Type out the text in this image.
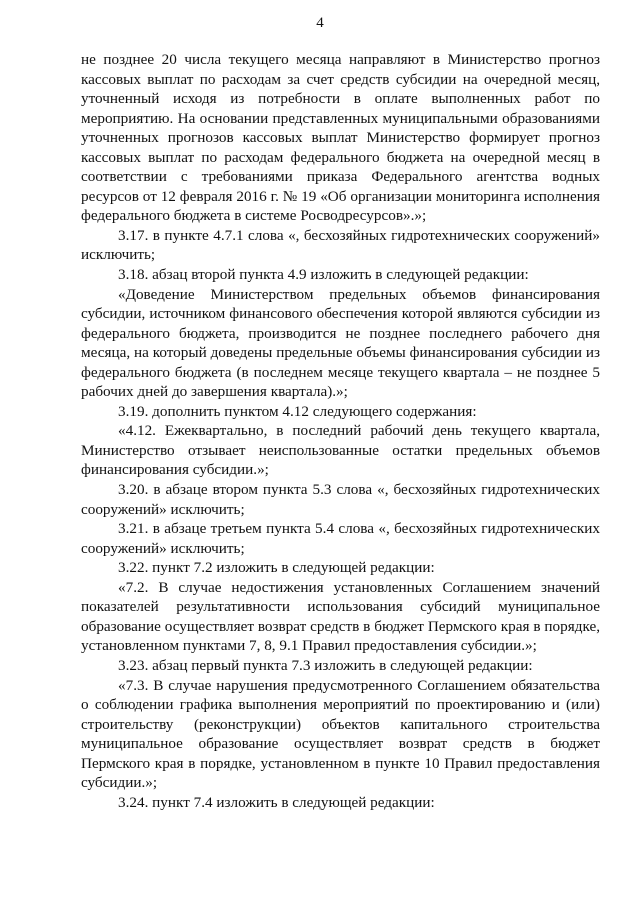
4

не позднее 20 числа текущего месяца направляют в Министерство прогноз кассовых выплат по расходам за счет средств субсидии на очередной месяц, уточненный исходя из потребности в оплате выполненных работ по мероприятию. На основании представленных муниципальными образованиями уточненных прогнозов кассовых выплат Министерство формирует прогноз кассовых выплат по расходам федерального бюджета на очередной месяц в соответствии с требованиями приказа Федерального агентства водных ресурсов от 12 февраля 2016 г. № 19 «Об организации мониторинга исполнения федерального бюджета в системе Росводресурсов».»;

3.17. в пункте 4.7.1 слова «, бесхозяйных гидротехнических сооружений» исключить;

3.18. абзац второй пункта 4.9 изложить в следующей редакции:

«Доведение Министерством предельных объемов финансирования субсидии, источником финансового обеспечения которой являются субсидии из федерального бюджета, производится не позднее последнего рабочего дня месяца, на который доведены предельные объемы финансирования субсидии из федерального бюджета (в последнем месяце текущего квартала – не позднее 5 рабочих дней до завершения квартала).»;

3.19. дополнить пунктом 4.12 следующего содержания:

«4.12. Ежеквартально, в последний рабочий день текущего квартала, Министерство отзывает неиспользованные остатки предельных объемов финансирования субсидии.»;

3.20. в абзаце втором пункта 5.3 слова «, бесхозяйных гидротехнических сооружений» исключить;

3.21. в абзаце третьем пункта 5.4 слова «, бесхозяйных гидротехнических сооружений» исключить;

3.22. пункт 7.2 изложить в следующей редакции:

«7.2. В случае недостижения установленных Соглашением значений показателей результативности использования субсидий муниципальное образование осуществляет возврат средств в бюджет Пермского края в порядке, установленном пунктами 7, 8, 9.1 Правил предоставления субсидии.»;

3.23. абзац первый пункта 7.3 изложить в следующей редакции:

«7.3. В случае нарушения предусмотренного Соглашением обязательства о соблюдении графика выполнения мероприятий по проектированию и (или) строительству (реконструкции) объектов капитального строительства муниципальное образование осуществляет возврат средств в бюджет Пермского края в порядке, установленном в пункте 10 Правил предоставления субсидии.»;

3.24. пункт 7.4 изложить в следующей редакции:
